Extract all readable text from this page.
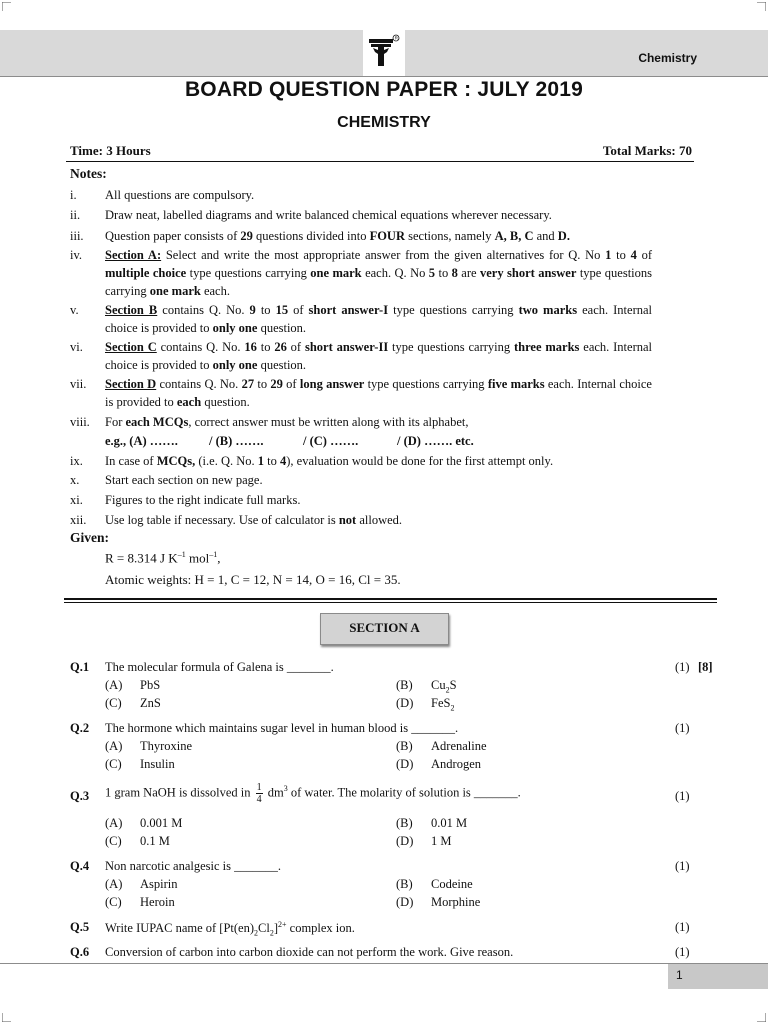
R
Chemistry
BOARD QUESTION PAPER : JULY 2019
CHEMISTRY
Time: 3 Hours	Total Marks: 70
Notes:
i. All questions are compulsory.
ii. Draw neat, labelled diagrams and write balanced chemical equations wherever necessary.
iii. Question paper consists of 29 questions divided into FOUR sections, namely A, B, C and D.
iv. Section A: Select and write the most appropriate answer from the given alternatives for Q. No 1 to 4 of multiple choice type questions carrying one mark each. Q. No 5 to 8 are very short answer type questions carrying one mark each.
v. Section B contains Q. No. 9 to 15 of short answer-I type questions carrying two marks each. Internal choice is provided to only one question.
vi. Section C contains Q. No. 16 to 26 of short answer-II type questions carrying three marks each. Internal choice is provided to only one question.
vii. Section D contains Q. No. 27 to 29 of long answer type questions carrying five marks each. Internal choice is provided to each question.
viii. For each MCQs, correct answer must be written along with its alphabet,
e.g., (A) ……. / (B) …….	/ (C) …….	/ (D) ……. etc.
ix. In case of MCQs, (i.e. Q. No. 1 to 4), evaluation would be done for the first attempt only.
x. Start each section on new page.
xi. Figures to the right indicate full marks.
xii. Use log table if necessary. Use of calculator is not allowed.
Given:
R = 8.314 J $K^{-1}$ mol$^{-1}$,
Atomic weights: H = 1, C = 12, N = 14, O = 16, Cl = 35.
SECTION A
Q.1 The molecular formula of Galena is _______.	(1) [8]
(A) PbS	(B) $Cu_2S$
(C) ZnS	(D) FeS$_2$
Q.2 The hormone which maintains sugar level in human blood is _______.	(1)
(A) Thyroxine	(B) Adrenaline
(C) Insulin	(D) Androgen
Q.3 1 gram NaOH is dissolved in $\frac{1}{4} dm^3$ of water. The molarity of solution is _______.	(1)
(A) 0.001 M	(B) 0.01 M
(C) 0.1 M	(D) 1 M
Q.4 Non narcotic analgesic is _______.	(1)
(A) Aspirin	(B) Codeine
(C) Heroin	(D) Morphine
Q.5 Write IUPAC name of $[Pt(en)_2Cl_2]^{2+}$ complex ion.	(1)
Q.6 Conversion of carbon into carbon dioxide can not perform the work. Give reason.	(1)
1
